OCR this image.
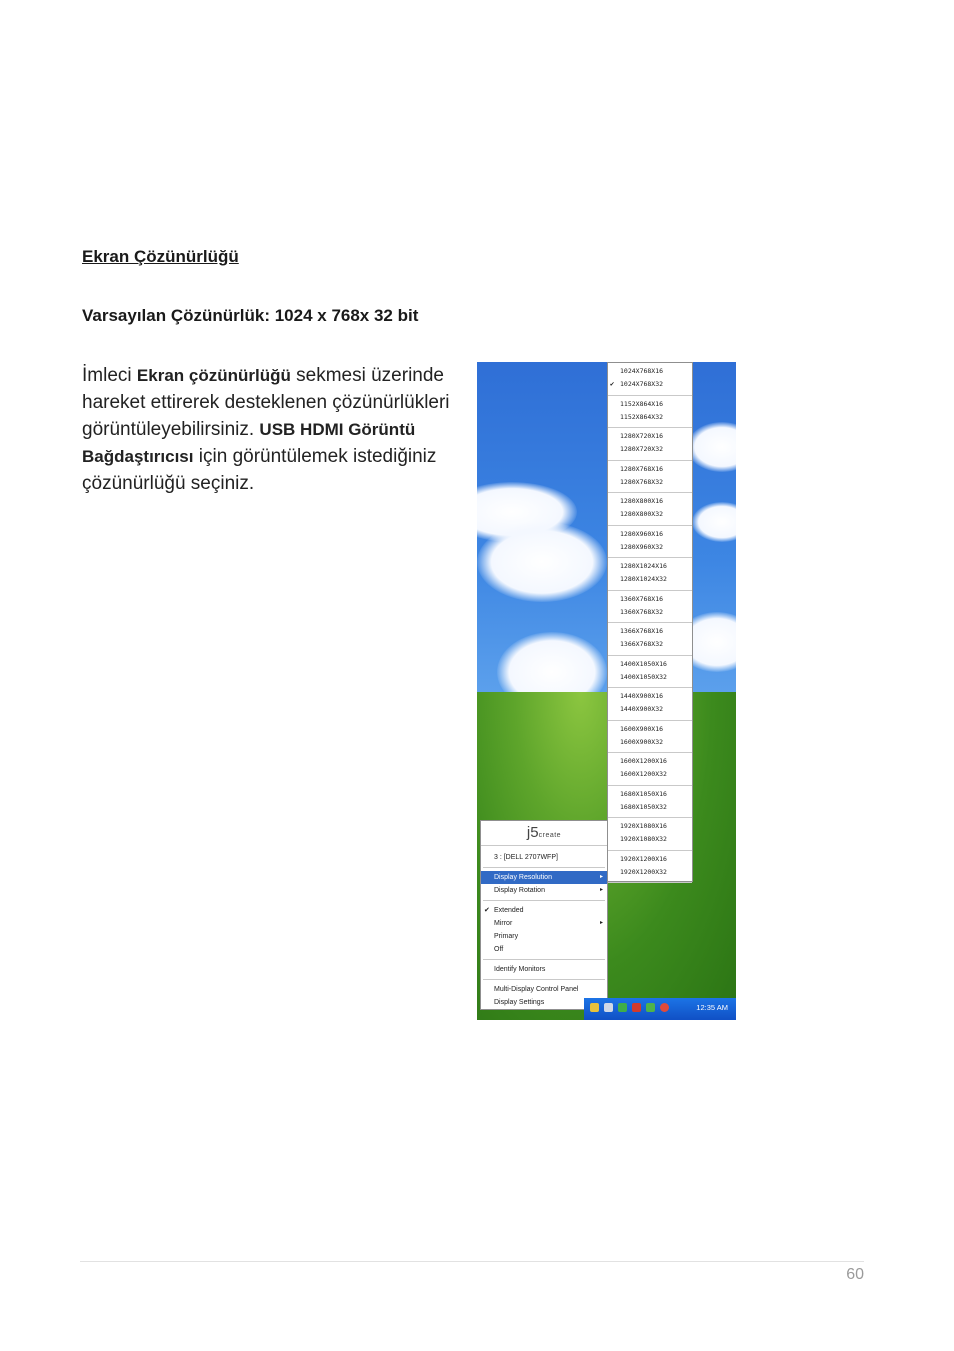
Ekran Çözünürlüğü
Varsayılan Çözünürlük: 1024 x 768x 32 bit

İmleci Ekran çözünürlüğü sekmesi üzerinde hareket ettirerek desteklenen çözünürlükleri görüntüleyebilirsiniz. USB HDMI Görüntü Bağdaştırıcısı için görüntülemek istediğiniz çözünürlüğü seçiniz.

1024X768X16
✔ 1024X768X32
1152X864X16
1152X864X32
1280X720X16
1280X720X32
1280X768X16
1280X768X32
1280X800X16
1280X800X32
1280X960X16
1280X960X32
1280X1024X16
1280X1024X32
1360X768X16
1360X768X32
1366X768X16
1366X768X32
1400X1050X16
1400X1050X32
1440X900X16
1440X900X32
1600X900X16
1600X900X32
1600X1200X16
1600X1200X32
1680X1050X16
1680X1050X32
1920X1080X16
1920X1080X32
1920X1200X16
1920X1200X32
j5create
3 : [DELL 2707WFP]
Display Resolution	▸
Display Rotation	▸
✔ Extended
Mirror	▸
Primary
Off
Identify Monitors
Multi-Display Control Panel
Display Settings
12:35 AM
60
